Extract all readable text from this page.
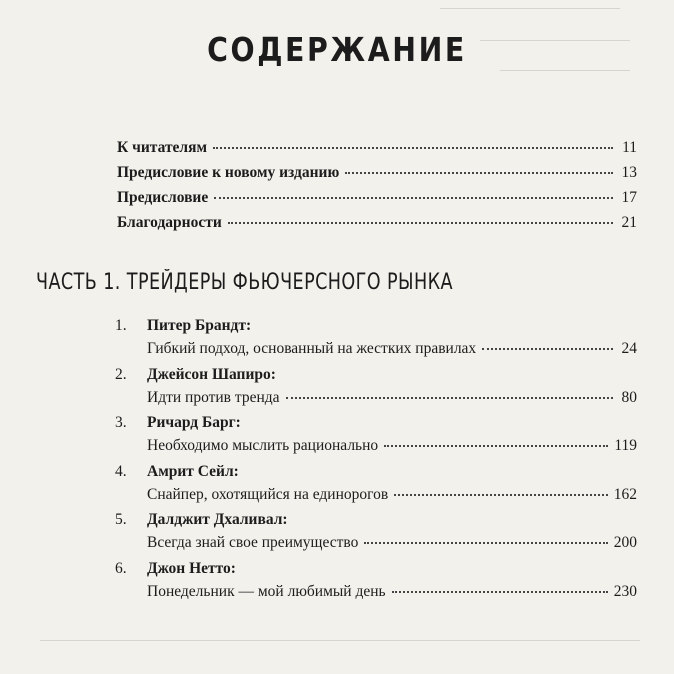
СОДЕРЖАНИЕ
К читателям	11
Предисловие к новому изданию	13
Предисловие	17
Благодарности	21
ЧАСТЬ 1. ТРЕЙДЕРЫ ФЬЮЧЕРСНОГО РЫНКА
1.	Питер Брандт:
Гибкий подход, основанный на жестких правилах	24
2.	Джейсон Шапиро:
Идти против тренда	80
3.	Ричард Барг:
Необходимо мыслить рационально	119
4.	Амрит Сейл:
Снайпер, охотящийся на единорогов	162
5.	Далджит Дхаливал:
Всегда знай свое преимущество	200
6.	Джон Нетто:
Понедельник — мой любимый день	230
